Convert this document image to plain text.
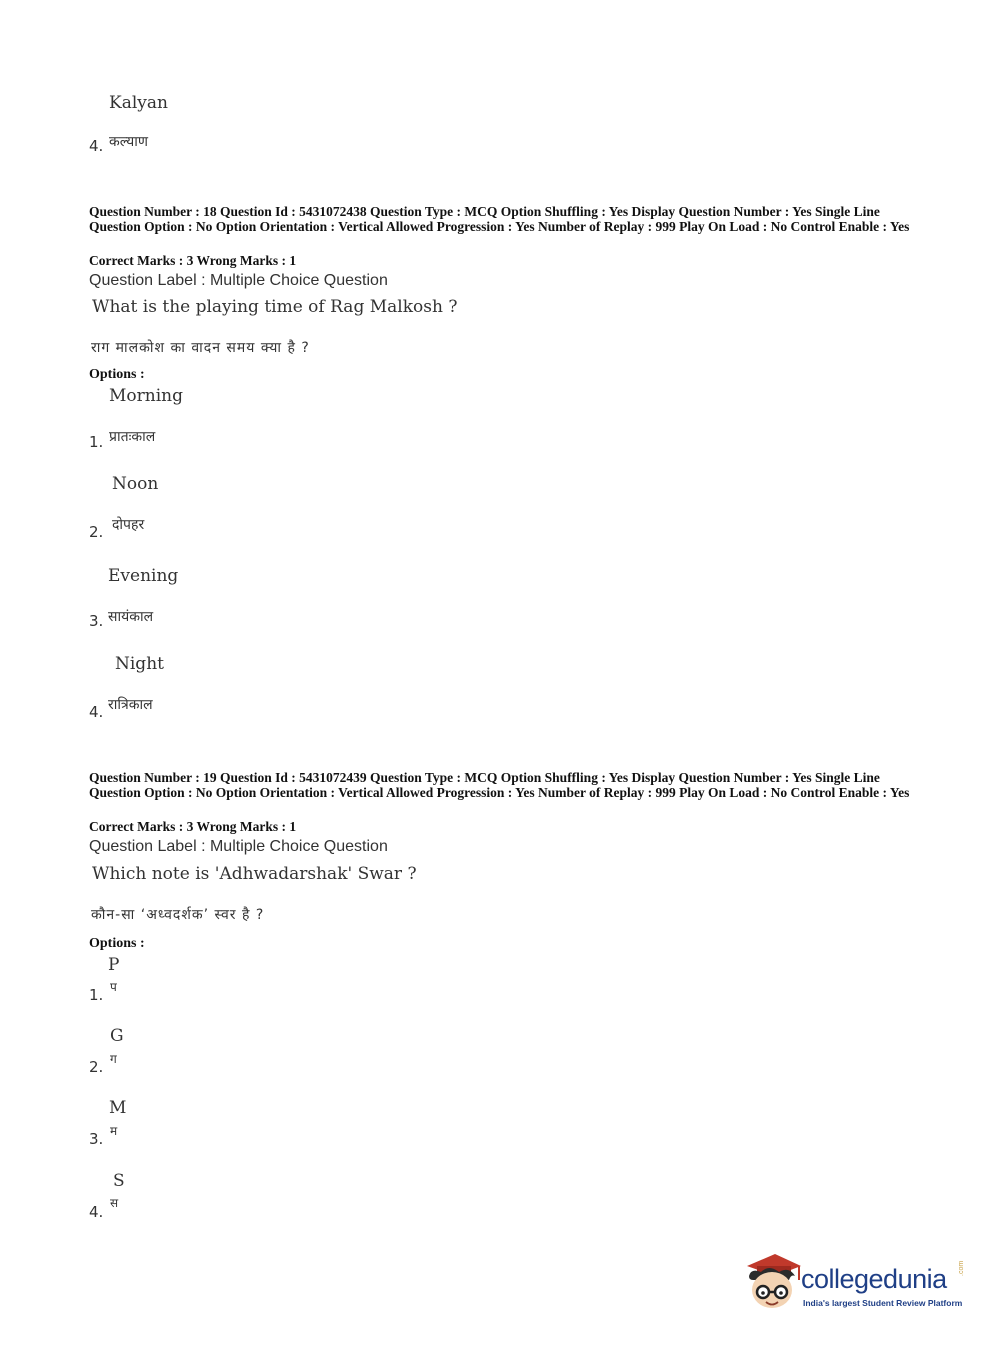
Kalyan
4. कल्याण
Question Number : 18 Question Id : 5431072438 Question Type : MCQ Option Shuffling : Yes Display Question Number : Yes Single Line Question Option : No Option Orientation : Vertical Allowed Progression : Yes Number of Replay : 999 Play On Load : No Control Enable : Yes
Correct Marks : 3 Wrong Marks : 1
Question Label : Multiple Choice Question
What is the playing time of Rag Malkosh ?
राग मालकोश का वादन समय क्या है ?
Options :
Morning
1. प्रातःकाल
Noon
2. दोपहर
Evening
3. सायंकाल
Night
4. रात्रिकाल
Question Number : 19 Question Id : 5431072439 Question Type : MCQ Option Shuffling : Yes Display Question Number : Yes Single Line Question Option : No Option Orientation : Vertical Allowed Progression : Yes Number of Replay : 999 Play On Load : No Control Enable : Yes
Correct Marks : 3 Wrong Marks : 1
Question Label : Multiple Choice Question
Which note is 'Adhwadarshak' Swar ?
कौन-सा ‘अध्वदर्शक’ स्वर है ?
Options :
P
1. प
G
2. ग
M
3. म
S
4. स
collegedunia .com
India's largest Student Review Platform
